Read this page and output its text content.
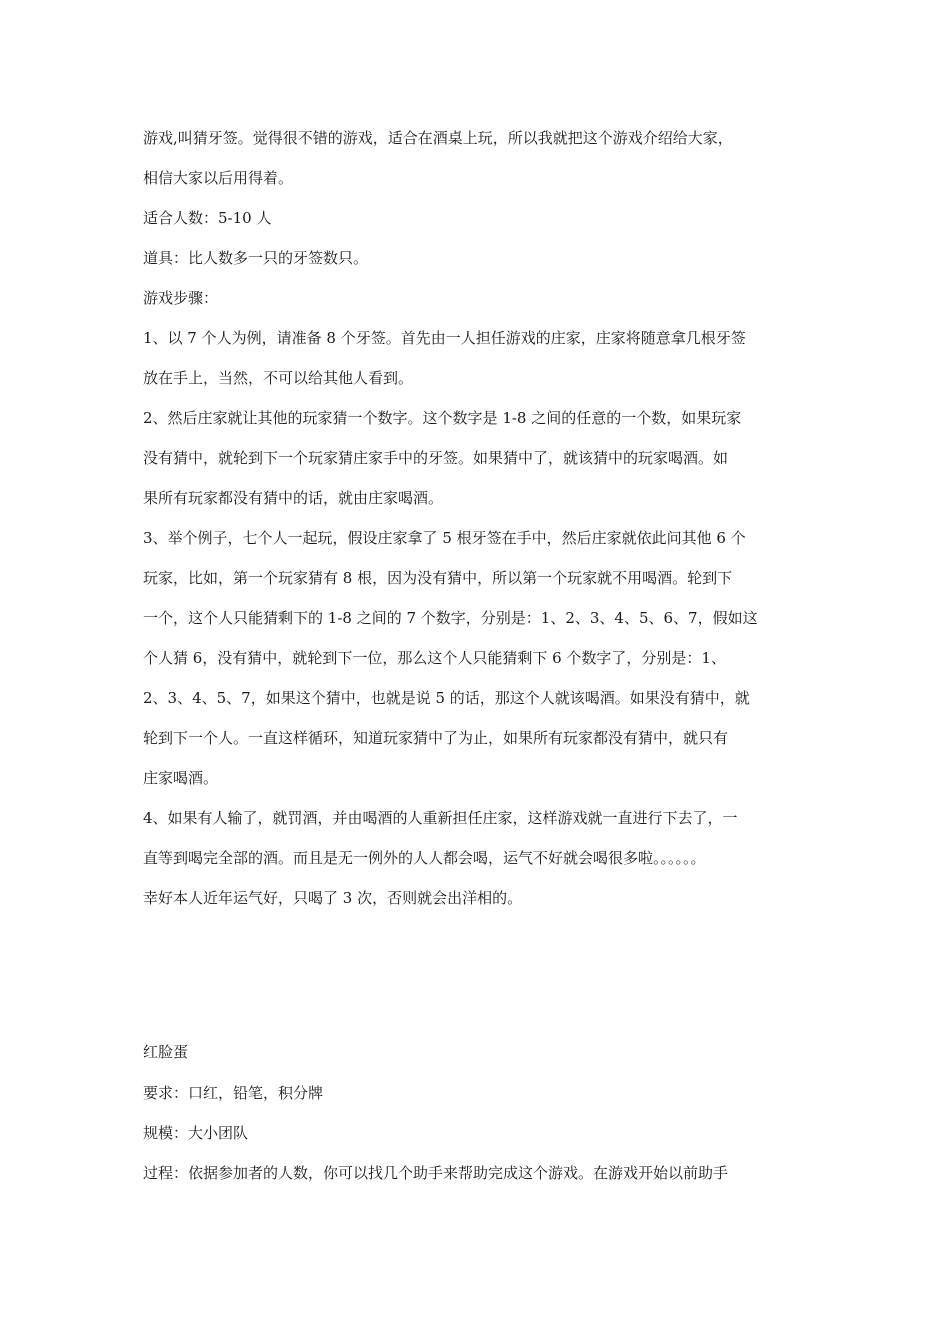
游戏,叫猜牙签。觉得很不错的游戏，适合在酒桌上玩，所以我就把这个游戏介绍给大家，

相信大家以后用得着。

适合人数：5-10 人

道具：比人数多一只的牙签数只。

游戏步骤：

1、以 7 个人为例，请准备 8 个牙签。首先由一人担任游戏的庄家，庄家将随意拿几根牙签

放在手上，当然，不可以给其他人看到。

2、然后庄家就让其他的玩家猜一个数字。这个数字是 1-8 之间的任意的一个数，如果玩家

没有猜中，就轮到下一个玩家猜庄家手中的牙签。如果猜中了，就该猜中的玩家喝酒。如

果所有玩家都没有猜中的话，就由庄家喝酒。

3、举个例子，七个人一起玩，假设庄家拿了 5 根牙签在手中，然后庄家就依此问其他 6 个

玩家，比如，第一个玩家猜有 8 根，因为没有猜中，所以第一个玩家就不用喝酒。轮到下

一个，这个人只能猜剩下的 1-8 之间的 7 个数字，分别是：1、2、3、4、5、6、7，假如这

个人猜 6，没有猜中，就轮到下一位，那么这个人只能猜剩下 6 个数字了，分别是：1、

2、3、4、5、7，如果这个猜中，也就是说 5 的话，那这个人就该喝酒。如果没有猜中，就

轮到下一个人。一直这样循环，知道玩家猜中了为止，如果所有玩家都没有猜中，就只有

庄家喝酒。

4、如果有人输了，就罚酒，并由喝酒的人重新担任庄家，这样游戏就一直进行下去了，一

直等到喝完全部的酒。而且是无一例外的人人都会喝，运气不好就会喝很多啦。。。。。。

幸好本人近年运气好，只喝了 3 次，否则就会出洋相的。

红脸蛋

要求：口红，铅笔，积分牌

规模：大小团队

过程：依据参加者的人数，你可以找几个助手来帮助完成这个游戏。在游戏开始以前助手
